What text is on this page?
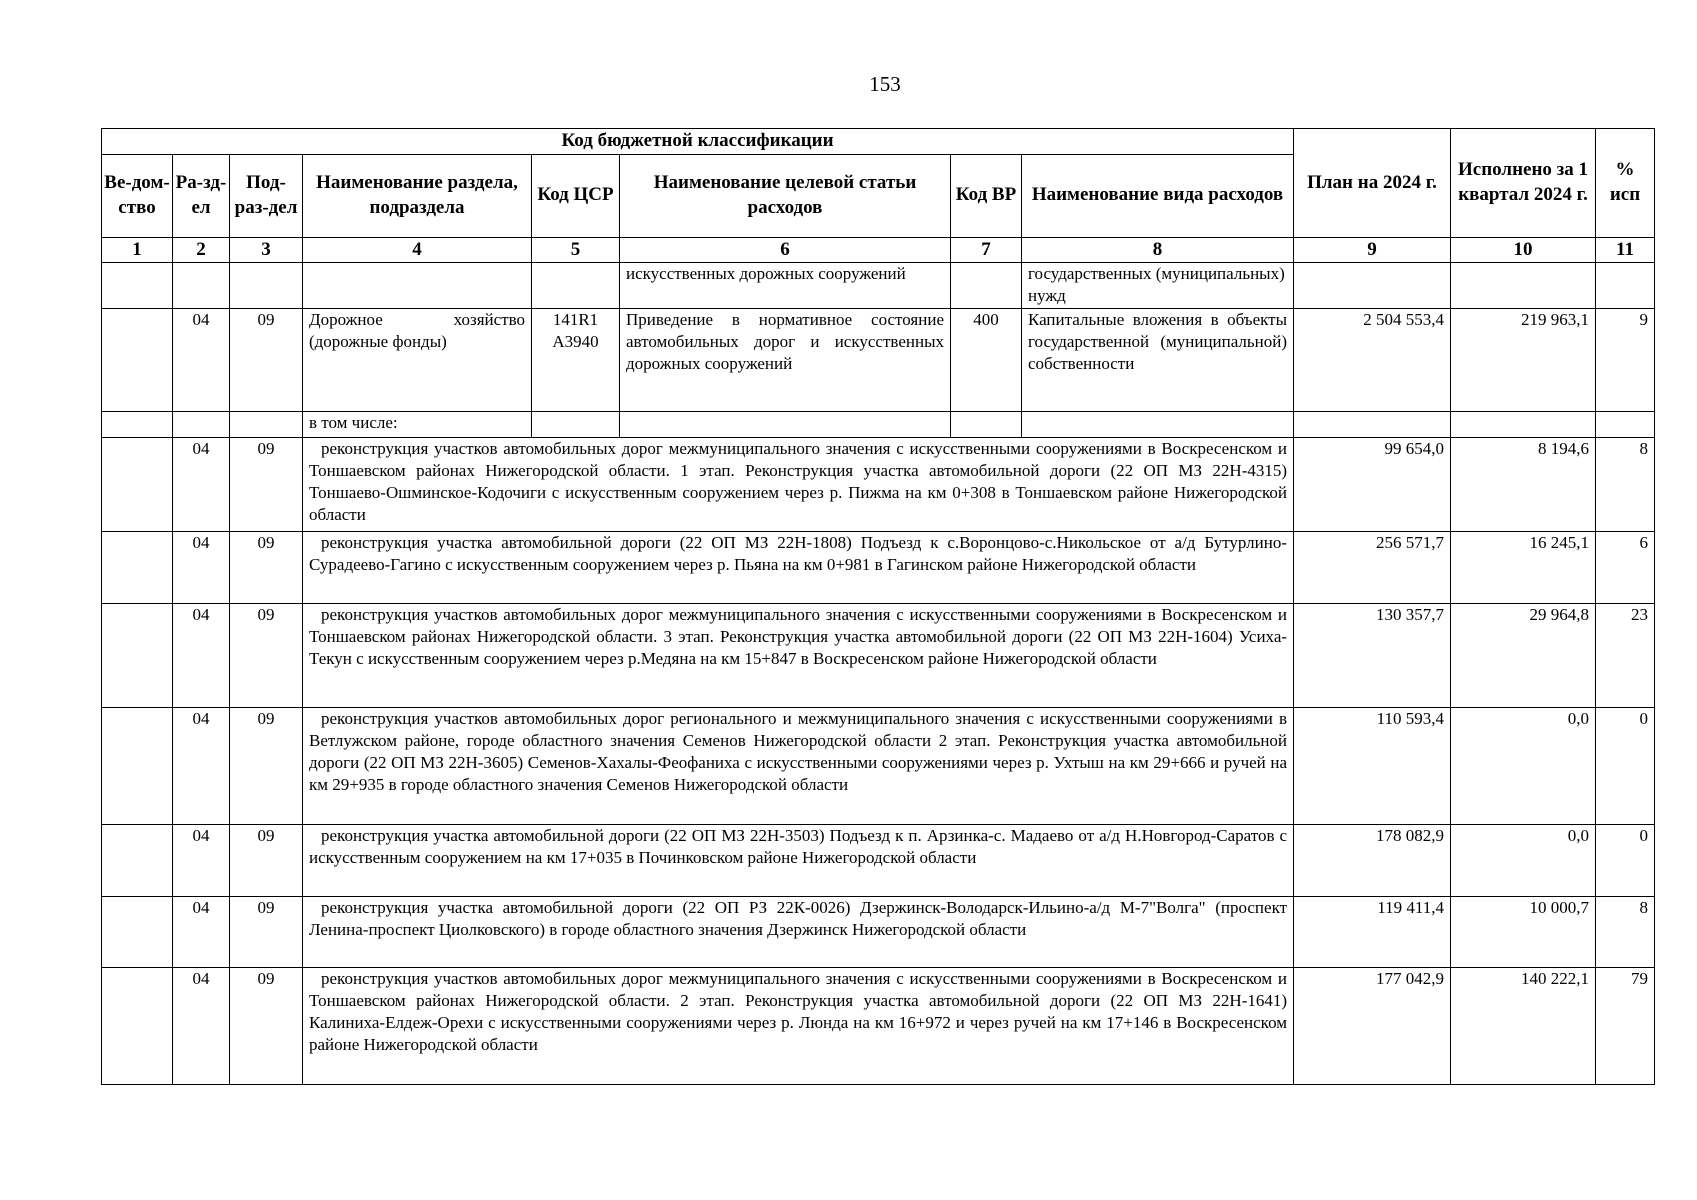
153
Код бюджетной классификации								План на 2024 г.	Исполнено за 1 квартал 2024 г.	% исп
Ве-дом-ство	Ра-зд-ел	Под-раз-дел	Наименование раздела, подраздела	Код ЦСР	Наименование целевой статьи расходов	Код ВР	Наименование вида расходов			
1	2	3	4	5	6	7	8	9	10	11
					искусственных дорожных сооружений		государственных (муниципальных) нужд			
	04	09	Дорожное хозяйство (дорожные фонды)	141R1 А3940	Приведение в нормативное состояние автомобильных дорог и искусственных дорожных сооружений	400	Капитальные вложения в объекты государственной (муниципальной) собственности	2 504 553,4	219 963,1	9
			в том числе:							
	04	09	реконструкция участков автомобильных дорог межмуниципального значения с искусственными сооружениями в Воскресенском и Тоншаевском районах Нижегородской области. 1 этап. Реконструкция участка автомобильной дороги (22 ОП МЗ 22Н-4315) Тоншаево-Ошминское-Кодочиги с искусственным сооружением через р. Пижма на км 0+308 в Тоншаевском районе Нижегородской области					99 654,0	8 194,6	8
	04	09	реконструкция участка автомобильной дороги (22 ОП МЗ 22Н-1808) Подъезд к с.Воронцово-с.Никольское от а/д Бутурлино-Сурадеево-Гагино с искусственным сооружением через р. Пьяна на км 0+981 в Гагинском районе Нижегородской области					256 571,7	16 245,1	6
	04	09	реконструкция участков автомобильных дорог межмуниципального значения с искусственными сооружениями в Воскресенском и Тоншаевском районах Нижегородской области. 3 этап. Реконструкция участка автомобильной дороги (22 ОП МЗ 22Н-1604) Усиха-Текун с искусственным сооружением через р.Медяна на км 15+847 в Воскресенском районе Нижегородской области					130 357,7	29 964,8	23
	04	09	реконструкция участков автомобильных дорог регионального и межмуниципального значения с искусственными сооружениями в Ветлужском районе, городе областного значения Семенов Нижегородской области 2 этап. Реконструкция участка автомобильной дороги (22 ОП МЗ 22Н-3605) Семенов-Хахалы-Феофаниха с искусственными сооружениями через р. Ухтыш на км 29+666 и ручей на км 29+935 в городе областного значения Семенов Нижегородской области					110 593,4	0,0	0
	04	09	реконструкция участка автомобильной дороги (22 ОП МЗ 22Н-3503) Подъезд к п. Арзинка-с. Мадаево от а/д Н.Новгород-Саратов с искусственным сооружением на км 17+035 в Починковском районе Нижегородской области					178 082,9	0,0	0
	04	09	реконструкция участка автомобильной дороги (22 ОП РЗ 22К-0026) Дзержинск-Володарск-Ильино-а/д М-7"Волга" (проспект Ленина-проспект Циолковского) в городе областного значения Дзержинск Нижегородской области					119 411,4	10 000,7	8
	04	09	реконструкция участков автомобильных дорог межмуниципального значения с искусственными сооружениями в Воскресенском и Тоншаевском районах Нижегородской области. 2 этап. Реконструкция участка автомобильной дороги (22 ОП МЗ 22Н-1641) Калиниха-Елдеж-Орехи с искусственными сооружениями через р. Люнда на км 16+972 и через ручей на км 17+146 в Воскресенском районе Нижегородской области					177 042,9	140 222,1	79
